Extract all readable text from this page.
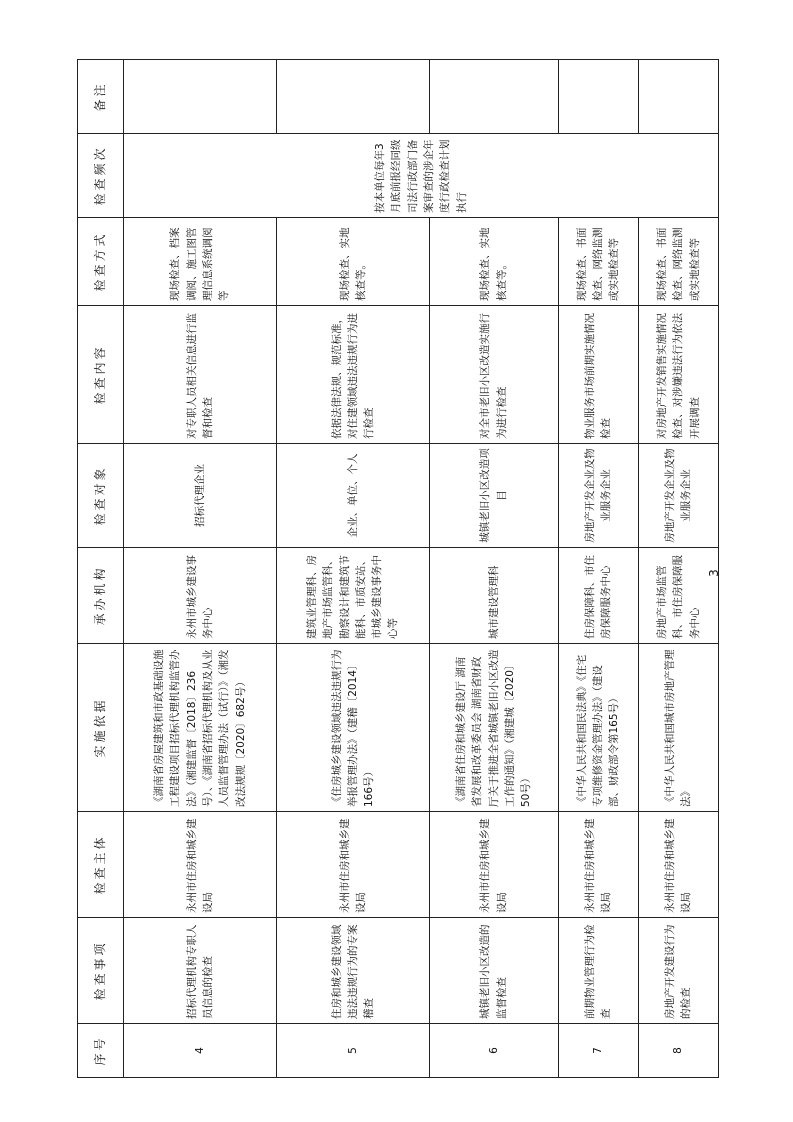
序号	检查事项	检查主体	实施依据	承办机构	检查对象	检查内容	检查方式	检查频次	备注
4	招标代理机构专职人员信息的检查	永州市住房和城乡建设局	《湖南省房屋建筑和市政基础设施工程建设项目招标代理机构监管办法》（湘建监督〔2018〕236号）、《湖南省招标代理机构及从业人员监督管理办法（试行）》（湘发改法规规〔2020〕682号）	永州市城乡建设事务中心	招标代理企业	对专职人员相关信息进行监督和检查	现场检查、档案调阅、施工图管理信息系统调阅等	按本单位每年3月底前报经同级司法行政部门备案审查的涉企年度行政检查计划执行	
5	住房和城乡建设领域违法违规行为的专案稽查	永州市住房和城乡建设局	《住房城乡建设领域违法违规行为举报管理办法》（建稽〔2014〕166号）	建筑业管理科、房地产市场监管科、勘察设计和建筑节能科、市质安站、市城乡建设事务中心等	企业、单位、个人	依据法律法规、规范标准，对住建领域违法违规行为进行检查	现场检查、实地核查等。		
6	城镇老旧小区改造的监督检查	永州市住房和城乡建设局	《湖南省住房和城乡建设厅 湖南省发展和改革委员会 湖南省财政厅关于推进全省城镇老旧小区改造工作的通知》（湘建城〔2020〕50号）	城市建设管理科	城镇老旧小区改造项目	对全市老旧小区改造实施行为进行检查	现场检查、实地核查等。		
7	前期物业管理行为检查	永州市住房和城乡建设局	《中华人民共和国民法典》《住宅专项维修资金管理办法》（建设部、财政部令第165号）	住房保障科、市住房保障服务中心	房地产开发企业及物业服务企业	物业服务市场前期实施情况检查	现场检查、书面检查、网络监测或实地检查等		
8	房地产开发建设行为的检查	永州市住房和城乡建设局	《中华人民共和国城市房地产管理法》	房地产市场监管科、市住房保障服务中心	房地产开发企业及物业服务企业	对房地产开发销售实施情况检查、对涉嫌违法行为依法开展调查	现场检查、书面检查、网络监测或实地检查等		
3
